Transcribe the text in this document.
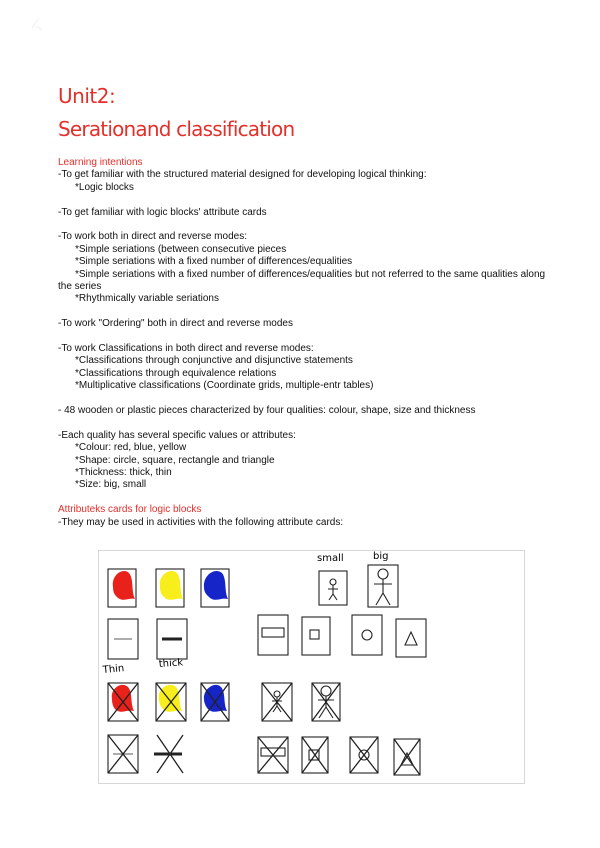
Unit2:
Serationand classification

Learning intentions

-To get familiar with the structured material designed for developing logical thinking:

*Logic blocks

-To get familiar with logic blocks' attribute cards

-To work both in direct and reverse modes:

*Simple seriations (between consecutive pieces

*Simple seriations with a fixed number of differences/equalities

*Simple seriations with a fixed number of differences/equalities but not referred to the same qualities along the series

*Rhythmically variable seriations

-To work "Ordering" both in direct and reverse modes

-To work Classifications in both direct and reverse modes:

*Classifications through conjunctive and disjunctive statements

*Classifications through equivalence relations

*Multiplicative classifications (Coordinate grids, multiple-entr tables)

- 48 wooden or plastic pieces characterized by four qualities: colour, shape, size and thickness

-Each quality has several specific values or attributes:

*Colour: red, blue, yellow

*Shape: circle, square, rectangle and triangle

*Thickness: thick, thin

*Size: big, small

Attributeks cards for logic blocks

-They may be used in activities with the following attribute cards:

small	big
Thin	thick
